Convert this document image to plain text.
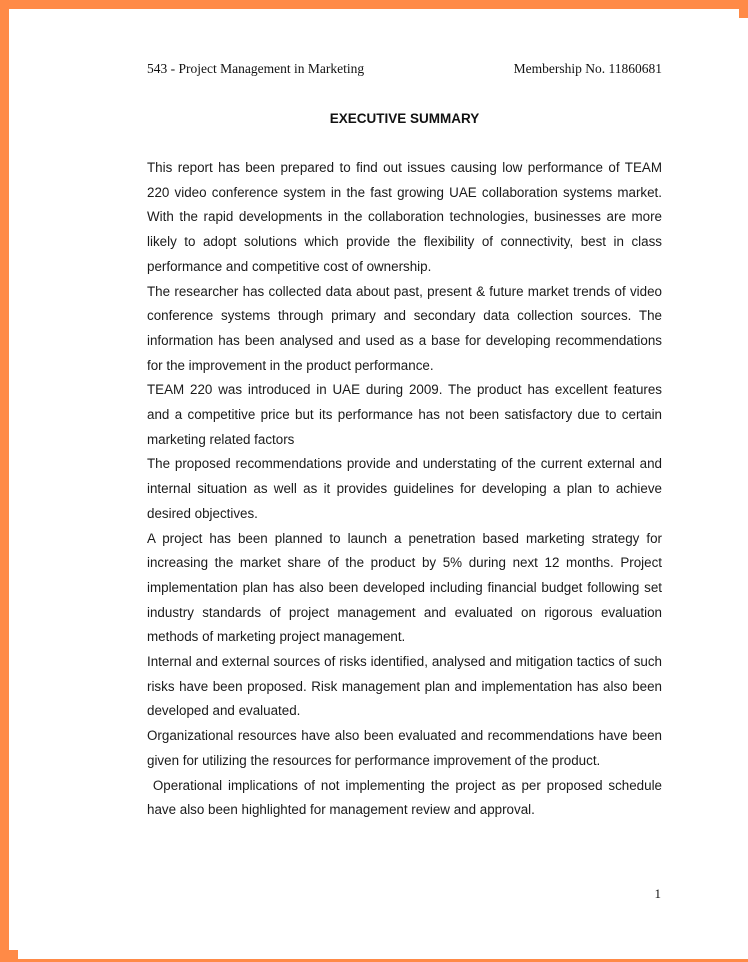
543 - Project Management in Marketing	Membership No. 11860681
EXECUTIVE SUMMARY

This report has been prepared to find out issues causing low performance of TEAM 220 video conference system in the fast growing UAE collaboration systems market. With the rapid developments in the collaboration technologies, businesses are more likely to adopt solutions which provide the flexibility of connectivity, best in class performance and competitive cost of ownership.

The researcher has collected data about past, present & future market trends of video conference systems through primary and secondary data collection sources. The information has been analysed and used as a base for developing recommendations for the improvement in the product performance.

TEAM 220 was introduced in UAE during 2009. The product has excellent features and a competitive price but its performance has not been satisfactory due to certain marketing related factors

The proposed recommendations provide and understating of the current external and internal situation as well as it provides guidelines for developing a plan to achieve desired objectives.

A project has been planned to launch a penetration based marketing strategy for increasing the market share of the product by 5% during next 12 months. Project implementation plan has also been developed including financial budget following set industry standards of project management and evaluated on rigorous evaluation methods of marketing project management.

Internal and external sources of risks identified, analysed and mitigation tactics of such risks have been proposed. Risk management plan and implementation has also been developed and evaluated.

Organizational resources have also been evaluated and recommendations have been given for utilizing the resources for performance improvement of the product.

Operational implications of not implementing the project as per proposed schedule have also been highlighted for management review and approval.

1
